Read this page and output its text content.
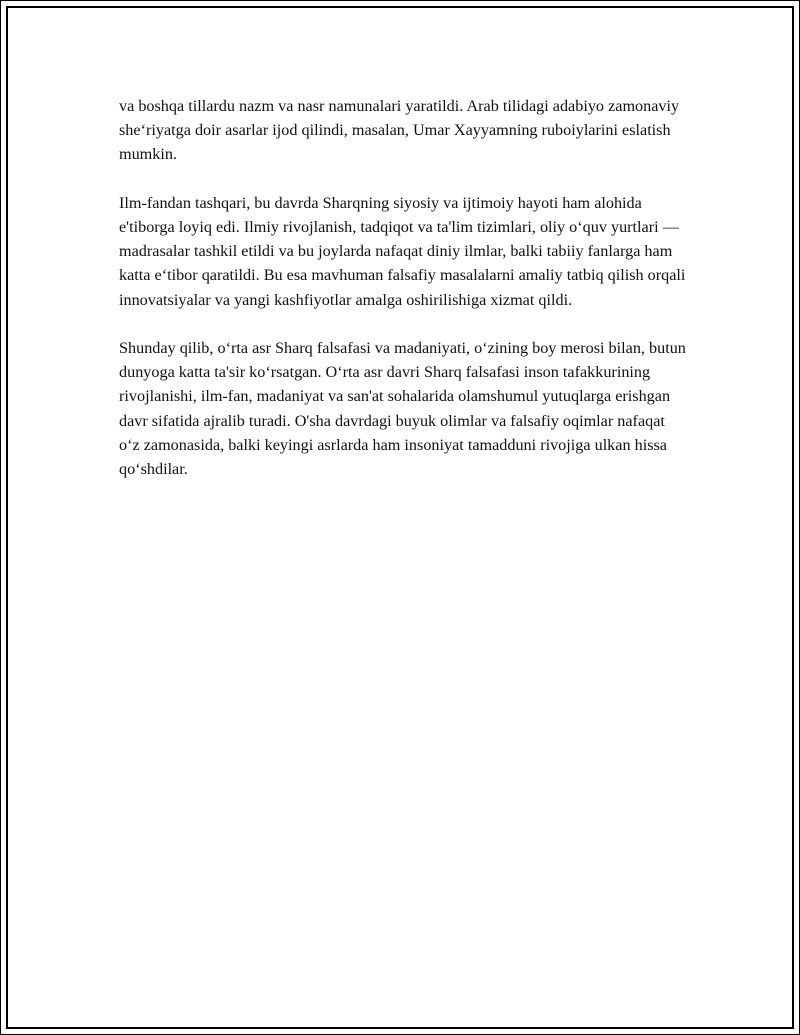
va boshqa tillardu nazm va nasr namunalari yaratildi. Arab tilidagi adabiyo zamonaviy she‘riyatga doir asarlar ijod qilindi, masalan, Umar Xayyamning ruboiylarini eslatish mumkin.

Ilm-fandan tashqari, bu davrda Sharqning siyosiy va ijtimoiy hayoti ham alohida e'tiborga loyiq edi. Ilmiy rivojlanish, tadqiqot va ta'lim tizimlari, oliy o‘quv yurtlari — madrasalar tashkil etildi va bu joylarda nafaqat diniy ilmlar, balki tabiiy fanlarga ham katta e‘tibor qaratildi. Bu esa mavhuman falsafiy masalalarni amaliy tatbiq qilish orqali innovatsiyalar va yangi kashfiyotlar amalga oshirilishiga xizmat qildi.

Shunday qilib, o‘rta asr Sharq falsafasi va madaniyati, o‘zining boy merosi bilan, butun dunyoga katta ta'sir ko‘rsatgan. O‘rta asr davri Sharq falsafasi inson tafakkurining rivojlanishi, ilm-fan, madaniyat va san'at sohalarida olamshumul yutuqlarga erishgan davr sifatida ajralib turadi. O'sha davrdagi buyuk olimlar va falsafiy oqimlar nafaqat o‘z zamonasida, balki keyingi asrlarda ham insoniyat tamadduni rivojiga ulkan hissa qo‘shdilar.
